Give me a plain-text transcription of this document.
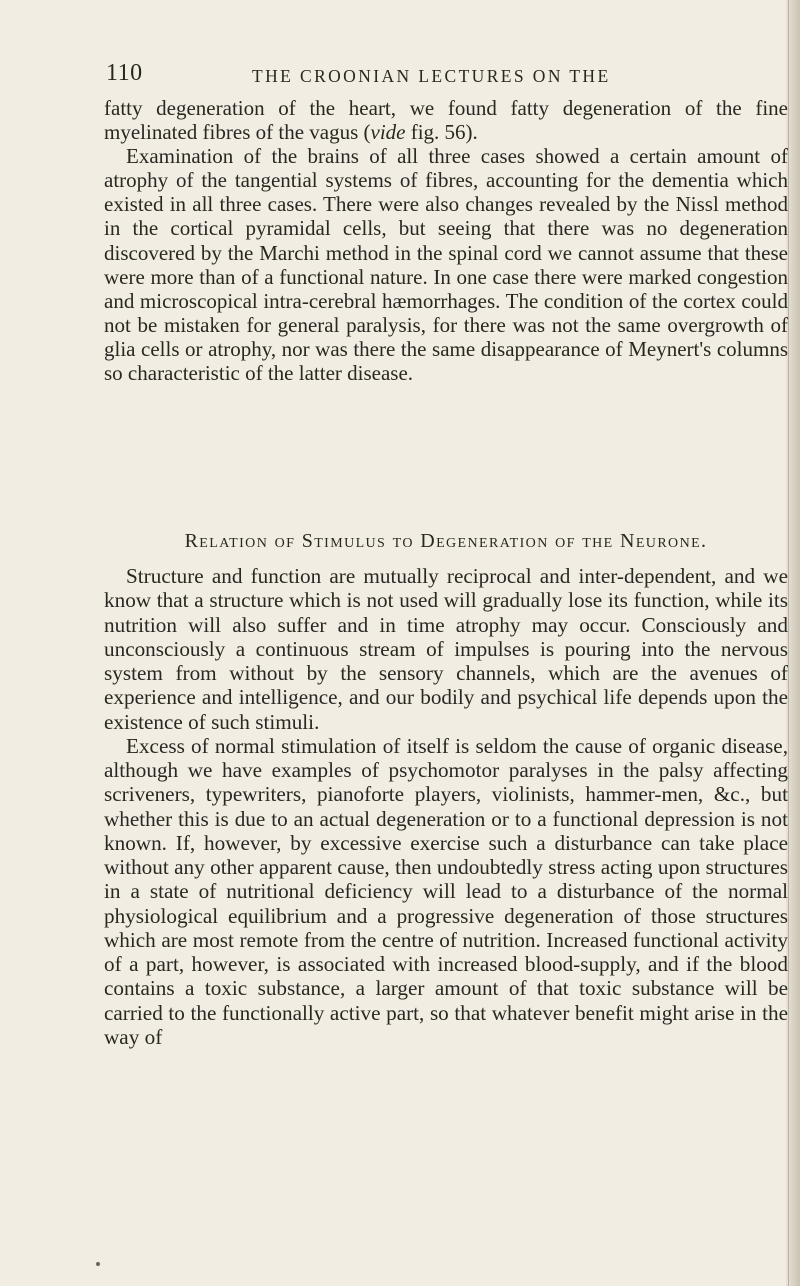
110	THE CROONIAN LECTURES ON THE

fatty degeneration of the heart, we found fatty degeneration of the fine myelinated fibres of the vagus (vide fig. 56).

Examination of the brains of all three cases showed a certain amount of atrophy of the tangential systems of fibres, accounting for the dementia which existed in all three cases. There were also changes revealed by the Nissl method in the cortical pyramidal cells, but seeing that there was no degeneration discovered by the Marchi method in the spinal cord we cannot assume that these were more than of a functional nature. In one case there were marked congestion and microscopical intra-cerebral hæmorrhages. The condition of the cortex could not be mistaken for general paralysis, for there was not the same overgrowth of glia cells or atrophy, nor was there the same disappearance of Meynert's columns so characteristic of the latter disease.

Relation of Stimulus to Degeneration of the Neurone.

Structure and function are mutually reciprocal and inter-dependent, and we know that a structure which is not used will gradually lose its function, while its nutrition will also suffer and in time atrophy may occur. Consciously and unconsciously a continuous stream of impulses is pouring into the nervous system from without by the sensory channels, which are the avenues of experience and intelligence, and our bodily and psychical life depends upon the existence of such stimuli.

Excess of normal stimulation of itself is seldom the cause of organic disease, although we have examples of psychomotor paralyses in the palsy affecting scriveners, typewriters, pianoforte players, violinists, hammer-men, &c., but whether this is due to an actual degeneration or to a functional depression is not known. If, however, by excessive exercise such a disturbance can take place without any other apparent cause, then undoubtedly stress acting upon structures in a state of nutritional deficiency will lead to a disturbance of the normal physiological equilibrium and a progressive degeneration of those structures which are most remote from the centre of nutrition. Increased functional activity of a part, however, is associated with increased blood-supply, and if the blood contains a toxic substance, a larger amount of that toxic substance will be carried to the functionally active part, so that whatever benefit might arise in the way of
